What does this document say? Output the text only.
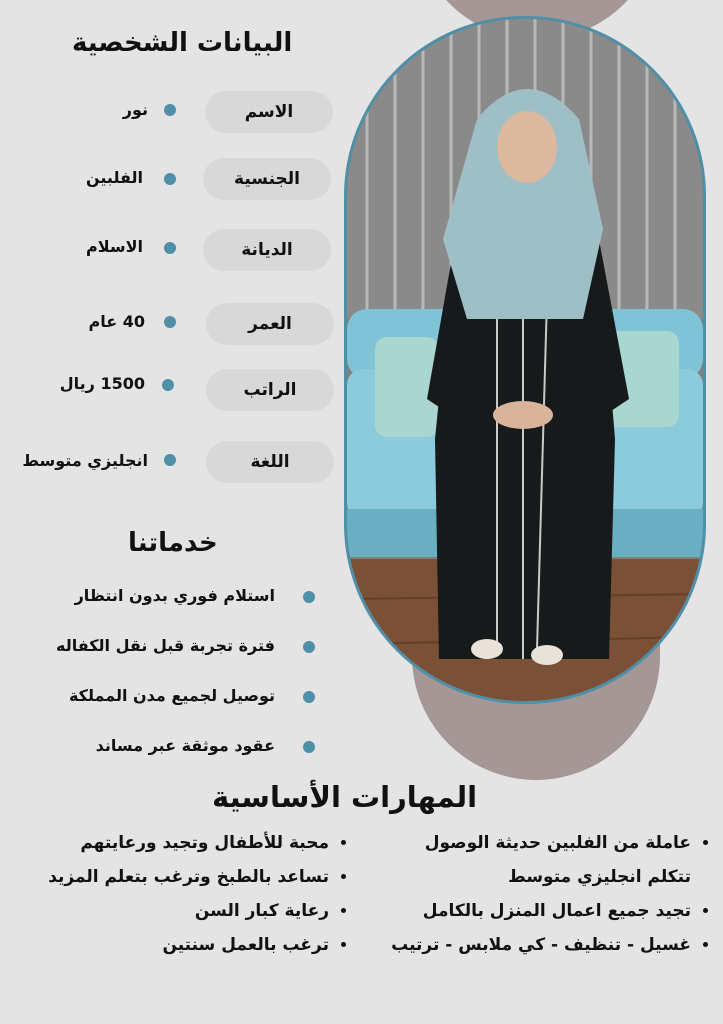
البيانات الشخصية
الاسم
نور
الجنسية
الفلبين
الديانة
الاسلام
العمر
40 عام
الراتب
1500 ريال
اللغة
انجليزي متوسط
خدماتنا
استلام فوري بدون انتظار
فترة تجربة قبل نقل الكفاله
توصيل لجميع مدن المملكة
عقود موثقة عبر مساند
المهارات الأساسية
• عاملة من الفلبين حديثة الوصول تتكلم انجليزي متوسط
• تجيد جميع اعمال المنزل بالكامل
• غسيل - تنظيف - كي ملابس - ترتيب
• محبة للأطفال وتجيد ورعايتهم
• تساعد بالطبخ وترغب بتعلم المزيد
• رعاية كبار السن
• ترغب بالعمل سنتين
